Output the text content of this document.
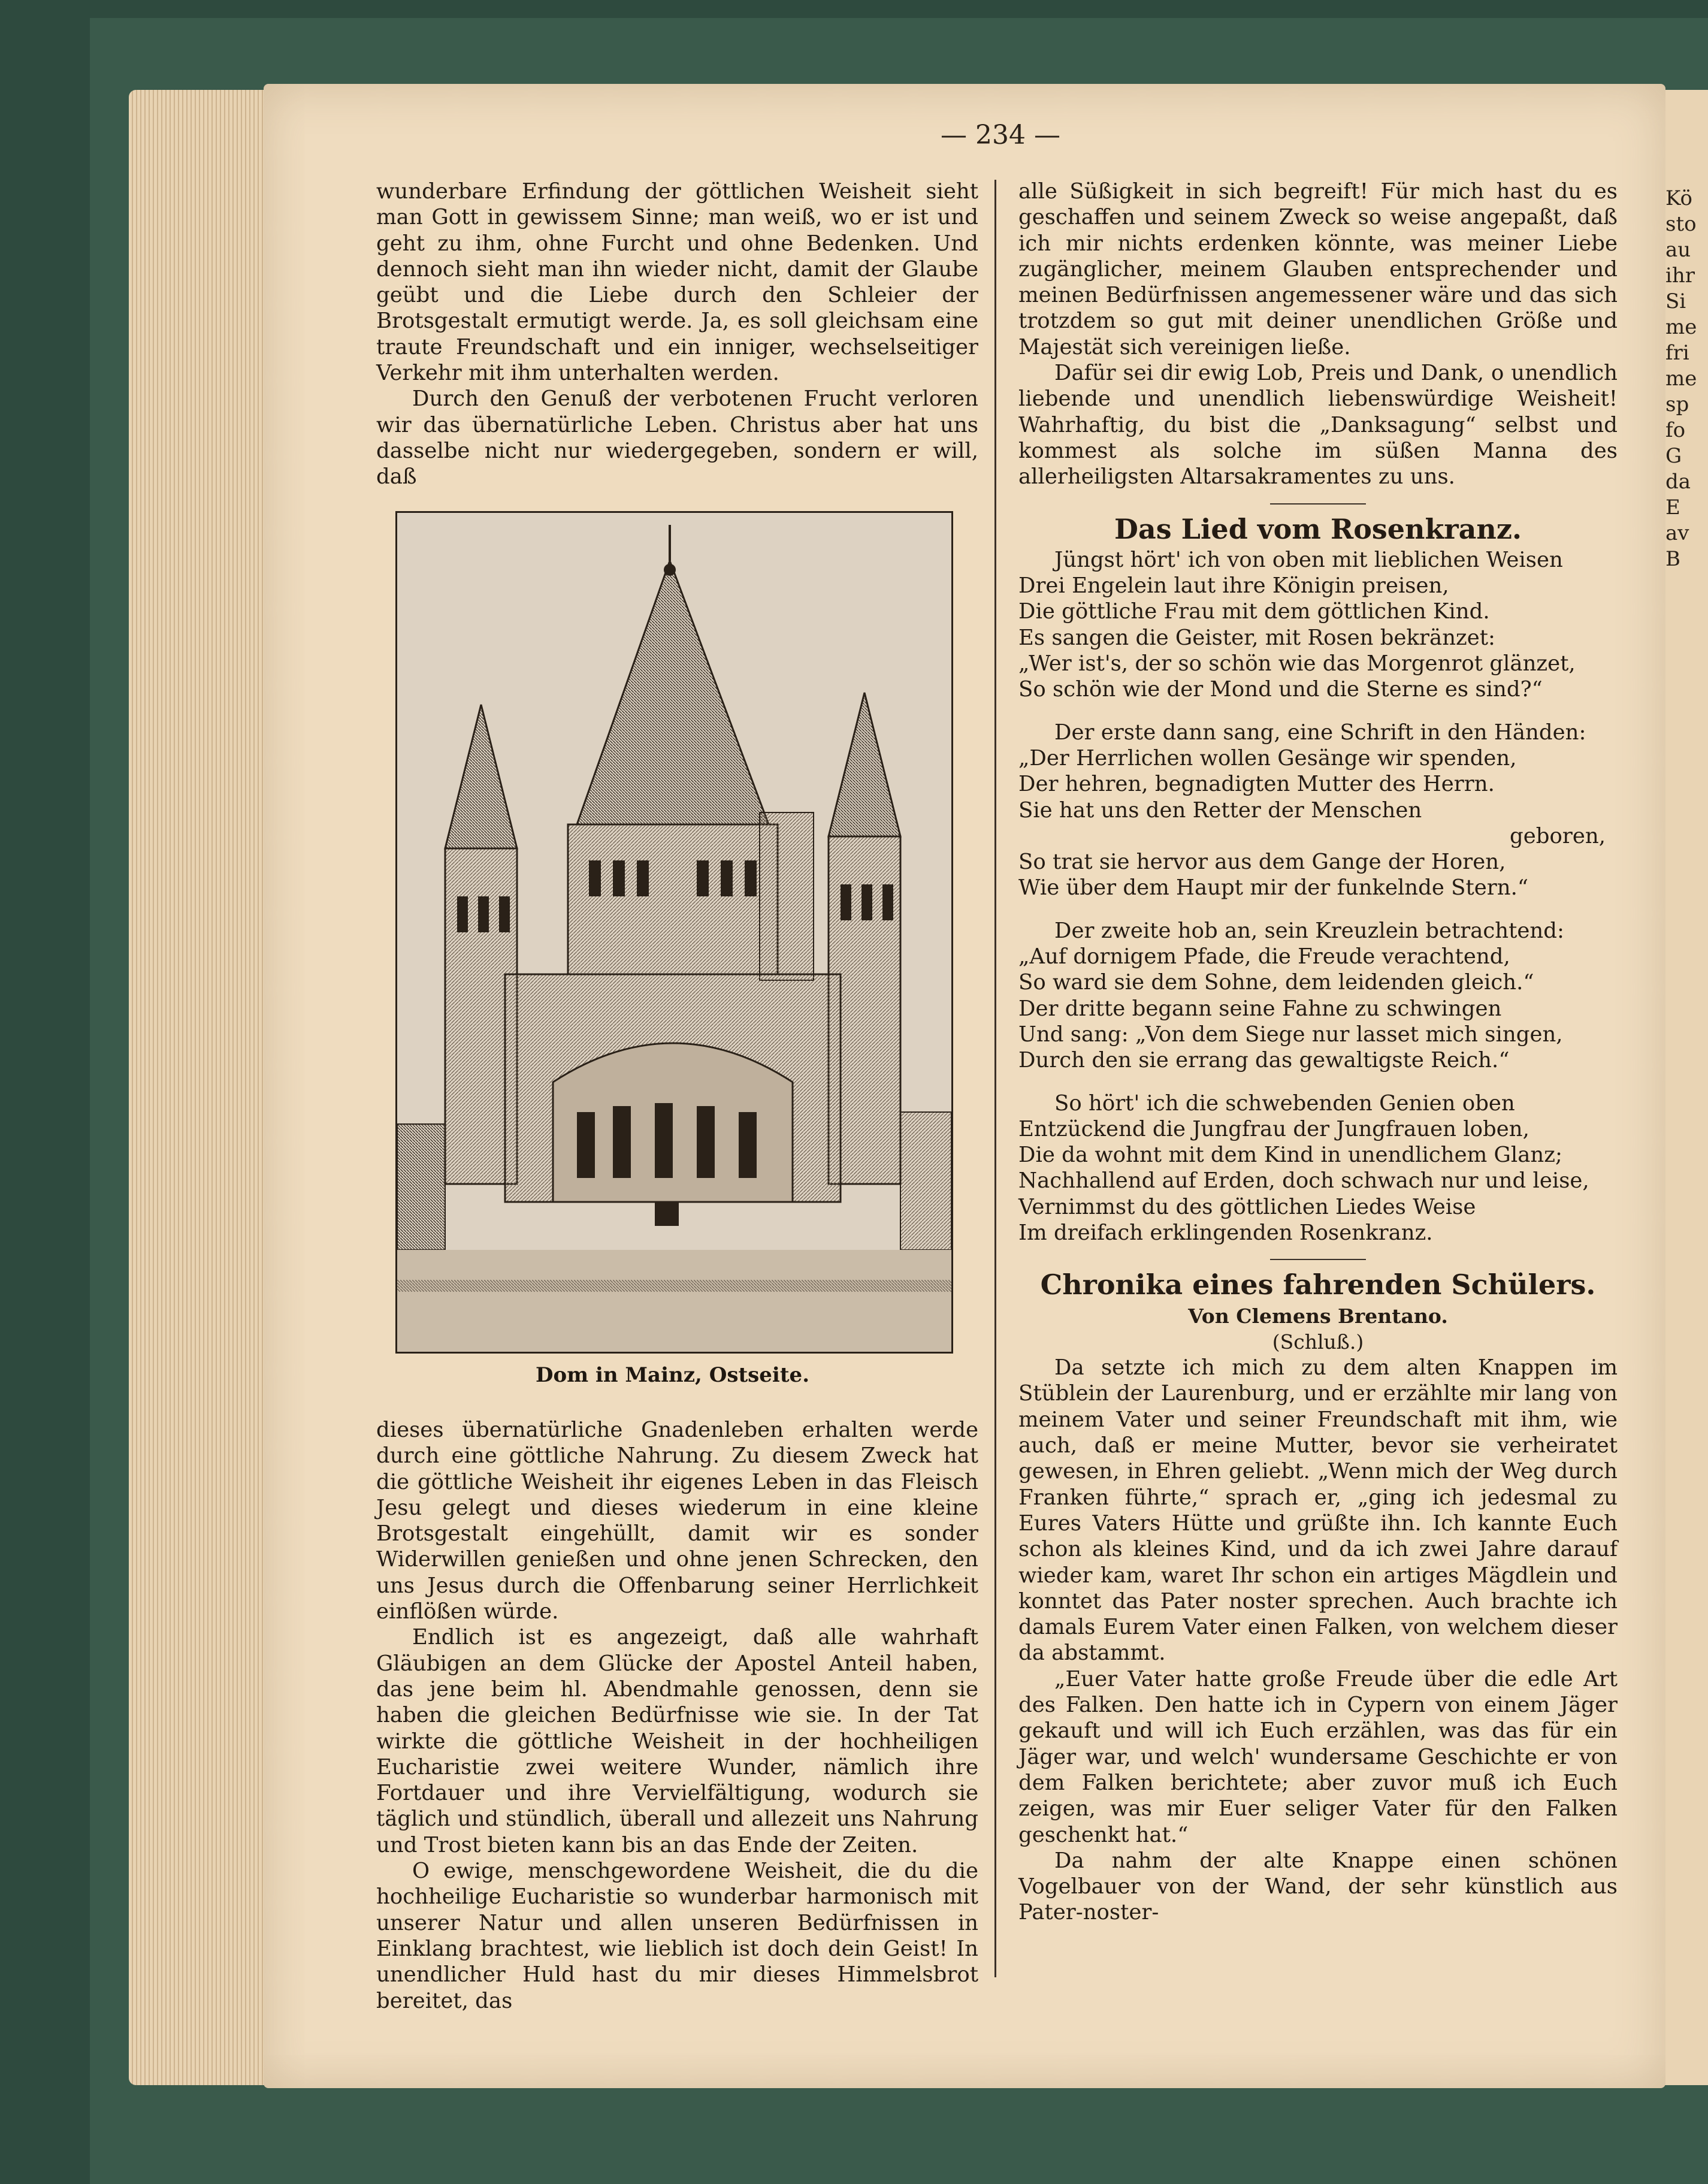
Kö
sto
au
ihr
Si
me
fri
me
sp
fo
G
da
E
av
B
— 234 —

wunderbare Erfindung der göttlichen Weisheit sieht man Gott in gewissem Sinne; man weiß, wo er ist und geht zu ihm, ohne Furcht und ohne Bedenken. Und dennoch sieht man ihn wieder nicht, damit der Glaube geübt und die Liebe durch den Schleier der Brotsgestalt ermutigt werde. Ja, es soll gleichsam eine traute Freundschaft und ein inniger, wechselseitiger Verkehr mit ihm unterhalten werden.

Durch den Genuß der verbotenen Frucht verloren wir das übernatürliche Leben. Christus aber hat uns dasselbe nicht nur wiedergegeben, sondern er will, daß

Dom in Mainz, Ostseite.

dieses übernatürliche Gnadenleben erhalten werde durch eine göttliche Nahrung. Zu diesem Zweck hat die göttliche Weisheit ihr eigenes Leben in das Fleisch Jesu gelegt und dieses wiederum in eine kleine Brotsgestalt eingehüllt, damit wir es sonder Widerwillen genießen und ohne jenen Schrecken, den uns Jesus durch die Offenbarung seiner Herrlichkeit einflößen würde.

Endlich ist es angezeigt, daß alle wahrhaft Gläubigen an dem Glücke der Apostel Anteil haben, das jene beim hl. Abendmahle genossen, denn sie haben die gleichen Bedürfnisse wie sie. In der Tat wirkte die göttliche Weisheit in der hochheiligen Eucharistie zwei weitere Wunder, nämlich ihre Fortdauer und ihre Vervielfältigung, wodurch sie täglich und stündlich, überall und allezeit uns Nahrung und Trost bieten kann bis an das Ende der Zeiten.

O ewige, menschgewordene Weisheit, die du die hochheilige Eucharistie so wunderbar harmonisch mit unserer Natur und allen unseren Bedürfnissen in Einklang brachtest, wie lieblich ist doch dein Geist! In unendlicher Huld hast du mir dieses Himmelsbrot bereitet, das

alle Süßigkeit in sich begreift! Für mich hast du es geschaffen und seinem Zweck so weise angepaßt, daß ich mir nichts erdenken könnte, was meiner Liebe zugänglicher, meinem Glauben entsprechender und meinen Bedürfnissen angemessener wäre und das sich trotzdem so gut mit deiner unendlichen Größe und Majestät sich vereinigen ließe.

Dafür sei dir ewig Lob, Preis und Dank, o unendlich liebende und unendlich liebenswürdige Weisheit! Wahrhaftig, du bist die „Danksagung“ selbst und kommest als solche im süßen Manna des allerheiligsten Altarsakramentes zu uns.

Das Lied vom Rosenkranz.

Jüngst hört' ich von oben mit lieblichen Weisen

Drei Engelein laut ihre Königin preisen,

Die göttliche Frau mit dem göttlichen Kind.

Es sangen die Geister, mit Rosen bekränzet:

„Wer ist's, der so schön wie das Morgenrot glänzet,

So schön wie der Mond und die Sterne es sind?“

Der erste dann sang, eine Schrift in den Händen:

„Der Herrlichen wollen Gesänge wir spenden,

Der hehren, begnadigten Mutter des Herrn.

Sie hat uns den Retter der Menschen

geboren,

So trat sie hervor aus dem Gange der Horen,

Wie über dem Haupt mir der funkelnde Stern.“

Der zweite hob an, sein Kreuzlein betrachtend:

„Auf dornigem Pfade, die Freude verachtend,

So ward sie dem Sohne, dem leidenden gleich.“

Der dritte begann seine Fahne zu schwingen

Und sang: „Von dem Siege nur lasset mich singen,

Durch den sie errang das gewaltigste Reich.“

So hört' ich die schwebenden Genien oben

Entzückend die Jungfrau der Jungfrauen loben,

Die da wohnt mit dem Kind in unendlichem Glanz;

Nachhallend auf Erden, doch schwach nur und leise,

Vernimmst du des göttlichen Liedes Weise

Im dreifach erklingenden Rosenkranz.

Chronika eines fahrenden Schülers.
Von Clemens Brentano.
(Schluß.)

Da setzte ich mich zu dem alten Knappen im Stüblein der Laurenburg, und er erzählte mir lang von meinem Vater und seiner Freundschaft mit ihm, wie auch, daß er meine Mutter, bevor sie verheiratet gewesen, in Ehren geliebt. „Wenn mich der Weg durch Franken führte,“ sprach er, „ging ich jedesmal zu Eures Vaters Hütte und grüßte ihn. Ich kannte Euch schon als kleines Kind, und da ich zwei Jahre darauf wieder kam, waret Ihr schon ein artiges Mägdlein und konntet das Pater noster sprechen. Auch brachte ich damals Eurem Vater einen Falken, von welchem dieser da abstammt.

„Euer Vater hatte große Freude über die edle Art des Falken. Den hatte ich in Cypern von einem Jäger gekauft und will ich Euch erzählen, was das für ein Jäger war, und welch' wundersame Geschichte er von dem Falken berichtete; aber zuvor muß ich Euch zeigen, was mir Euer seliger Vater für den Falken geschenkt hat.“

Da nahm der alte Knappe einen schönen Vogelbauer von der Wand, der sehr künstlich aus Pater-noster-
